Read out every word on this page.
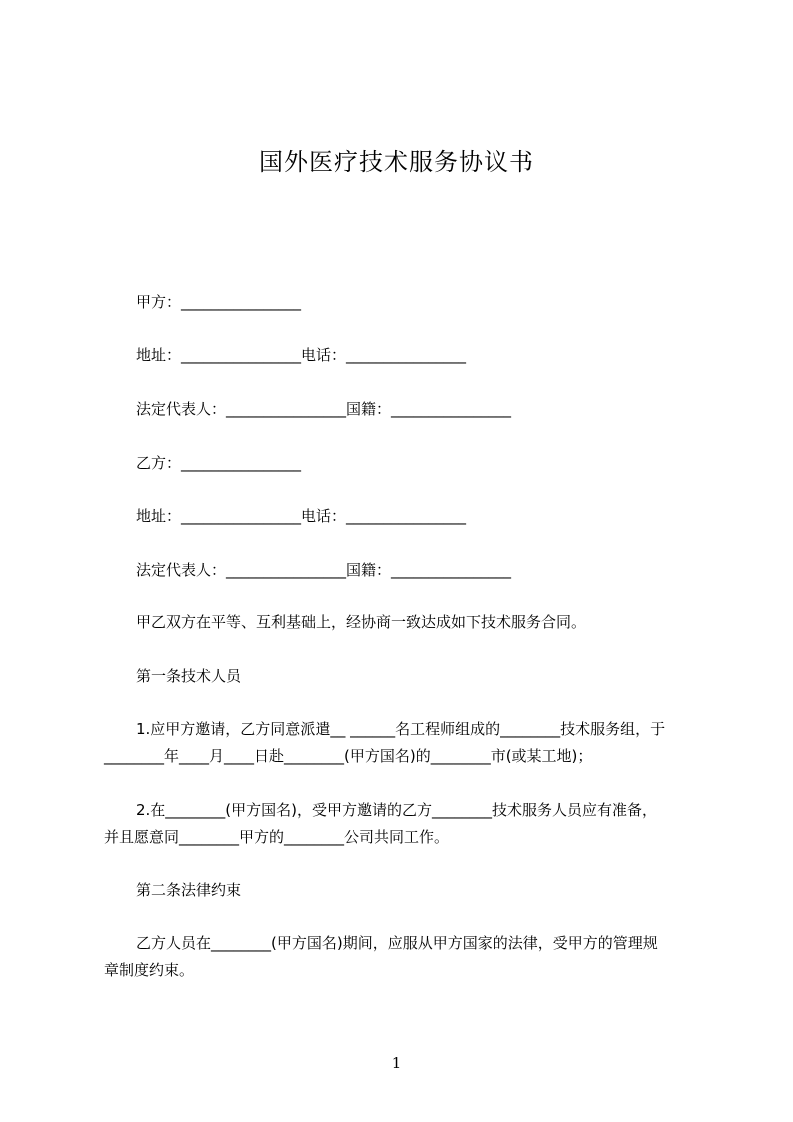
国外医疗技术服务协议书
甲方：________________
地址：________________电话：________________
法定代表人：________________国籍：________________
乙方：________________
地址：________________电话：________________
法定代表人：________________国籍：________________
甲乙双方在平等、互利基础上，经协商一致达成如下技术服务合同。
第一条技术人员
1.应甲方邀请，乙方同意派遣__ ______名工程师组成的________技术服务组，于
________年____月____日赴________(甲方国名)的________市(或某工地)；
2.在________(甲方国名)，受甲方邀请的乙方________技术服务人员应有准备，
并且愿意同________甲方的________公司共同工作。
第二条法律约束
乙方人员在________(甲方国名)期间，应服从甲方国家的法律，受甲方的管理规
章制度约束。
1
